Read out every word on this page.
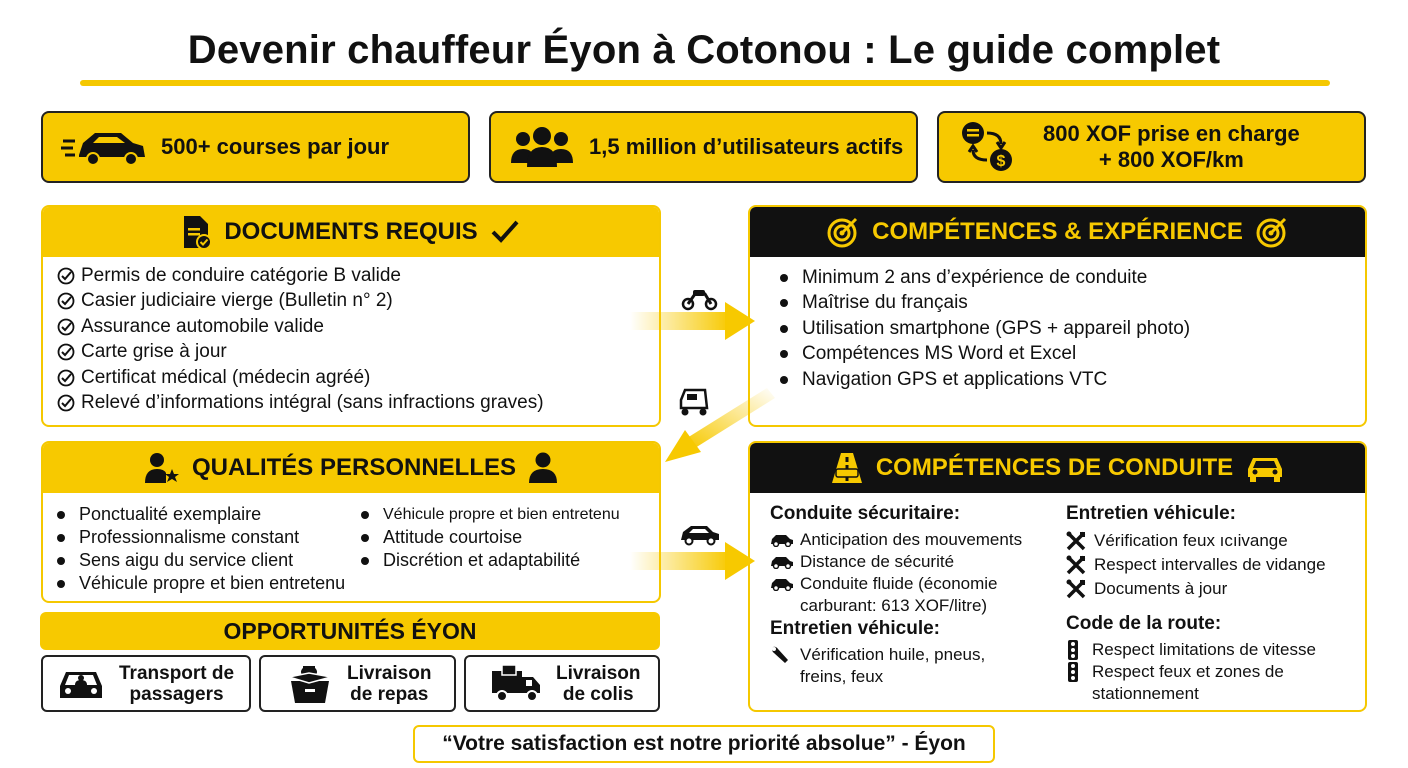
Devenir chauffeur Éyon à Cotonou : Le guide complet
500+ courses par jour	1,5 million d’utilisateurs actifs
$
800 XOF prise en charge
+ 800 XOF/km
DOCUMENTS REQUIS
Permis de conduire catégorie B valide
Casier judiciaire vierge (Bulletin n° 2)
Assurance automobile valide
Carte grise à jour
Certificat médical (médecin agréé)
Relevé d’informations intégral (sans infractions graves)
COMPÉTENCES & EXPÉRIENCE
Minimum 2 ans d’expérience de conduite
Maîtrise du français
Utilisation smartphone (GPS + appareil photo)
Compétences MS Word et Excel
Navigation GPS et applications VTC
QUALITÉS PERSONNELLES
Ponctualité exemplaire
Professionnalisme constant
Sens aigu du service client
Véhicule propre et bien entretenu
Véhicule propre et bien entretenu
Attitude courtoise
Discrétion et adaptabilité
COMPÉTENCES DE CONDUITE
Conduite sécuritaire:
Anticipation des mouvements
Distance de sécurité
Conduite fluide (économie
carburant: 613 XOF/litre)
Entretien véhicule:
Vérification huile, pneus,
freins, feux
Entretien véhicule:
Vérification feux ıcıivange
Respect intervalles de vidange
Documents à jour
Code de la route:
Respect limitations de vitesse
Respect feux et zones de
stationnement
OPPORTUNITÉS ÉYON
Transport de
passagers
Livraison
de repas
Livraison
de colis
“Votre satisfaction est notre priorité absolue” - Éyon
